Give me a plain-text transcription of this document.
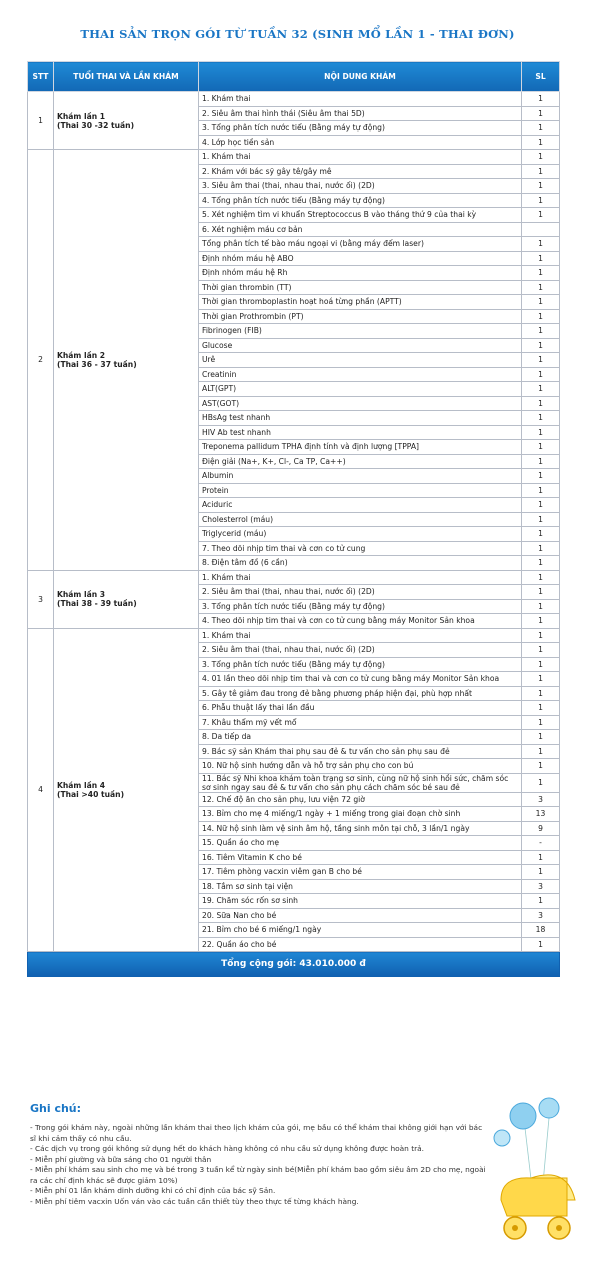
THAI SẢN TRỌN GÓI TỪ TUẦN 32 (SINH MỔ LẦN 1 - THAI ĐƠN)
STT	TUỔI THAI VÀ LẦN KHÁM	NỘI DUNG KHÁM	SL
1	Khám lần 1
(Thai 30 -32 tuần)	1. Khám thai	1
		2. Siêu âm thai hình thái (Siêu âm thai 5D)	1
		3. Tổng phân tích nước tiểu (Bằng máy tự động)	1
		4. Lớp học tiền sản	1
2	Khám lần 2
(Thai 36 - 37 tuần)	1. Khám thai	1
		2. Khám với bác sỹ gây tê/gây mê	1
		3. Siêu âm thai (thai, nhau thai, nước ối) (2D)	1
		4. Tổng phân tích nước tiểu (Bằng máy tự động)	1
		5. Xét nghiệm tìm vi khuẩn Streptococcus B vào tháng thứ 9 của thai kỳ	1
		6. Xét nghiệm máu cơ bản	
		Tổng phân tích tế bào máu ngoại vi (bằng máy đếm laser)	1
		Định nhóm máu hệ ABO	1
		Định nhóm máu hệ Rh	1
		Thời gian thrombin (TT)	1
		Thời gian thromboplastin hoạt hoá từng phần (APTT)	1
		Thời gian Prothrombin (PT)	1
		Fibrinogen (FIB)	1
		Glucose	1
		Urê	1
		Creatinin	1
		ALT(GPT)	1
		AST(GOT)	1
		HBsAg test nhanh	1
		HIV Ab test nhanh	1
		Treponema pallidum TPHA định tính và định lượng [TPPA]	1
		Điện giải (Na+, K+, Cl-, Ca TP, Ca++)	1
		Albumin	1
		Protein	1
		Aciduric	1
		Cholesterrol (máu)	1
		Triglycerid (máu)	1
		7. Theo dõi nhịp tim thai và cơn co tử cung	1
		8. Điện tâm đồ (6 cần)	1
3	Khám lần 3
(Thai 38 - 39 tuần)	1. Khám thai	1
		2. Siêu âm thai (thai, nhau thai, nước ối) (2D)	1
		3. Tổng phân tích nước tiểu (Bằng máy tự động)	1
		4. Theo dõi nhịp tim thai và cơn co tử cung bằng máy Monitor Sản khoa	1
4	Khám lần 4
(Thai >40 tuần)	1. Khám thai	1
		2. Siêu âm thai (thai, nhau thai, nước ối) (2D)	1
		3. Tổng phân tích nước tiểu (Bằng máy tự động)	1
		4. 01 lần theo dõi nhịp tim thai và cơn co tử cung bằng máy Monitor Sản khoa	1
		5. Gây tê giảm đau trong đẻ bằng phương pháp hiện đại, phù hợp nhất	1
		6. Phẫu thuật lấy thai lần đầu	1
		7. Khâu thẩm mỹ vết mổ	1
		8. Da tiếp da	1
		9. Bác sỹ sản Khám thai phụ sau đẻ & tư vấn cho sản phụ sau đẻ	1
		10. Nữ hộ sinh hướng dẫn và hỗ trợ sản phụ cho con bú	1
		11. Bác sỹ Nhi khoa khám toàn trạng sơ sinh, cùng nữ hộ sinh hồi sức, chăm sóc sơ sinh ngay sau đẻ & tư vấn cho sản phụ cách chăm sóc bé sau đẻ	1
		12. Chế độ ăn cho sản phụ, lưu viện 72 giờ	3
		13. Bỉm cho mẹ 4 miếng/1 ngày + 1 miếng trong giai đoạn chờ sinh	13
		14. Nữ hộ sinh làm vệ sinh âm hộ, tầng sinh môn tại chỗ, 3 lần/1 ngày	9
		15. Quần áo cho mẹ	-
		16. Tiêm Vitamin K cho bé	1
		17. Tiêm phòng vacxin viêm gan B cho bé	1
		18. Tắm sơ sinh tại viện	3
		19. Chăm sóc rốn sơ sinh	1
		20. Sữa Nan cho bé	3
		21. Bỉm cho bé 6 miếng/1 ngày	18
		22. Quần áo cho bé	1
Tổng cộng gói: 43.010.000 đ			
Ghi chú:
- Trong gói khám này, ngoài những lần khám thai theo lịch khám của gói, mẹ bầu có thể khám thai không giới hạn với bác sĩ khi cảm thấy có nhu cầu.
- Các dịch vụ trong gói không sử dụng hết do khách hàng không có nhu cầu sử dụng không được hoàn trả.
- Miễn phí giường và bữa sáng cho 01 người thân
- Miễn phí khám sau sinh cho mẹ và bé trong 3 tuần kể từ ngày sinh bé(Miễn phí khám bao gồm siêu âm 2D cho mẹ, ngoài ra các chỉ định khác sẽ được giảm 10%)
- Miễn phí 01 lần khám dinh dưỡng khi có chỉ định của bác sỹ Sản.
- Miễn phí tiêm vacxin Uốn ván vào các tuần cần thiết tùy theo thực tế từng khách hàng.
